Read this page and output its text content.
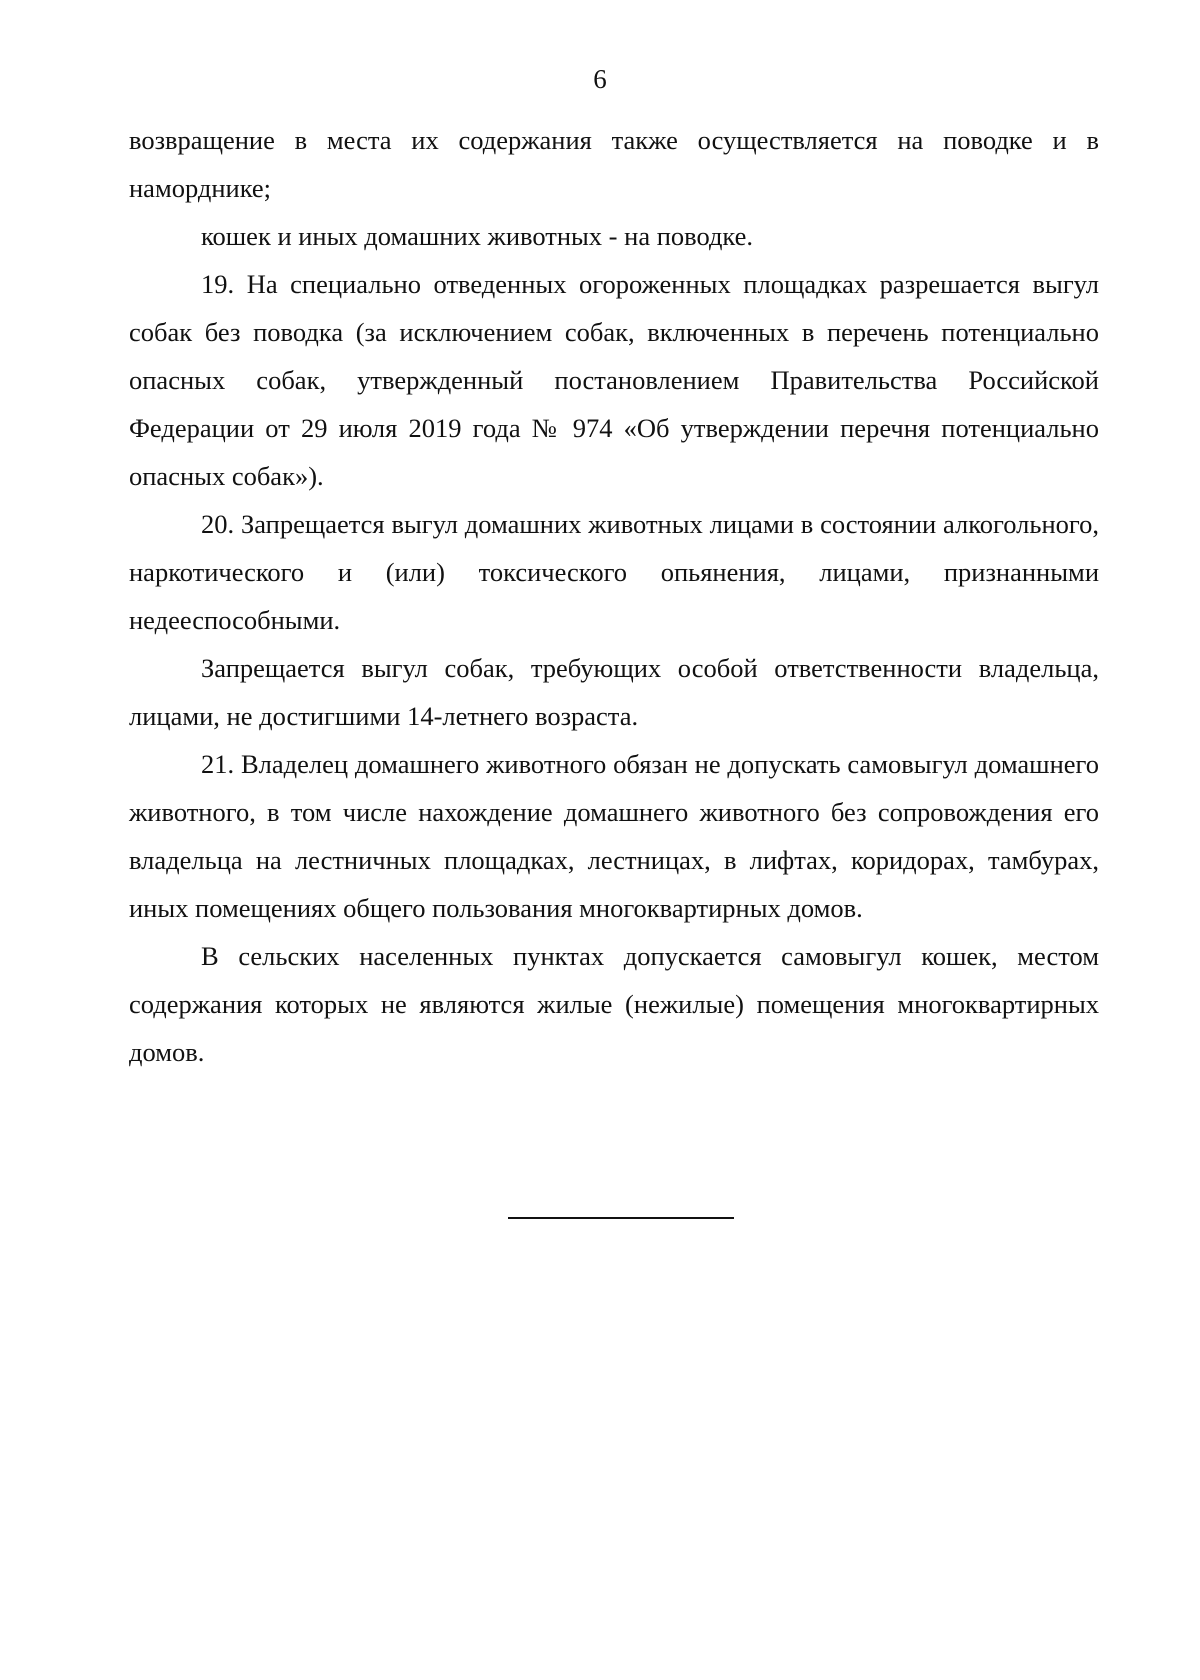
6

возвращение в места их содержания также осуществляется на поводке и в наморднике;

кошек и иных домашних животных - на поводке.

19. На специально отведенных огороженных площадках разрешается выгул собак без поводка (за исключением собак, включенных в перечень потенциально опасных собак, утвержденный постановлением Правительства Российской Федерации от 29 июля 2019 года № 974 «Об утверждении перечня потенциально опасных собак»).

20. Запрещается выгул домашних животных лицами в состоянии алкогольного, наркотического и (или) токсического опьянения, лицами, признанными недееспособными.

Запрещается выгул собак, требующих особой ответственности владельца, лицами, не достигшими 14-летнего возраста.

21. Владелец домашнего животного обязан не допускать самовыгул домашнего животного, в том числе нахождение домашнего животного без сопровождения его владельца на лестничных площадках, лестницах, в лифтах, коридорах, тамбурах, иных помещениях общего пользования многоквартирных домов.

В сельских населенных пунктах допускается самовыгул кошек, местом содержания которых не являются жилые (нежилые) помещения многоквартирных домов.
